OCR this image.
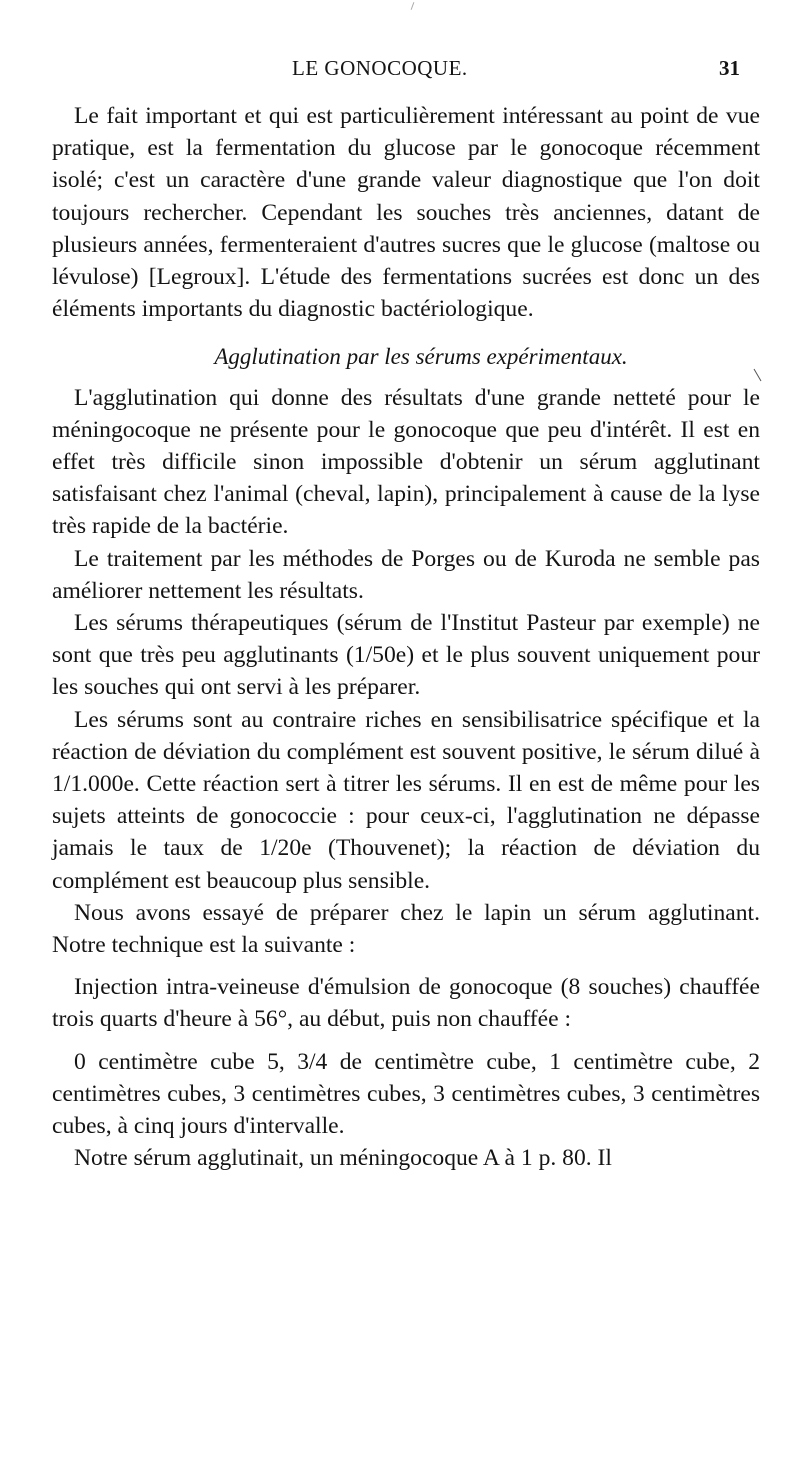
LE GONOCOQUE.	31

Le fait important et qui est particulièrement intéressant au point de vue pratique, est la fermentation du glucose par le gonocoque récemment isolé; c'est un caractère d'une grande valeur diagnostique que l'on doit toujours rechercher. Cependant les souches très anciennes, datant de plusieurs années, fermenteraient d'autres sucres que le glucose (maltose ou lévulose) [Legroux]. L'étude des fermentations sucrées est donc un des éléments importants du diagnostic bactériologique.

Agglutination par les sérums expérimentaux.

L'agglutination qui donne des résultats d'une grande netteté pour le méningocoque ne présente pour le gonocoque que peu d'intérêt. Il est en effet très difficile sinon impossible d'obtenir un sérum agglutinant satisfaisant chez l'animal (cheval, lapin), principalement à cause de la lyse très rapide de la bactérie.

Le traitement par les méthodes de Porges ou de Kuroda ne semble pas améliorer nettement les résultats.

Les sérums thérapeutiques (sérum de l'Institut Pasteur par exemple) ne sont que très peu agglutinants (1/50e) et le plus souvent uniquement pour les souches qui ont servi à les préparer.

Les sérums sont au contraire riches en sensibilisatrice spécifique et la réaction de déviation du complément est souvent positive, le sérum dilué à 1/1.000e. Cette réaction sert à titrer les sérums. Il en est de même pour les sujets atteints de gonococcie : pour ceux-ci, l'agglutination ne dépasse jamais le taux de 1/20e (Thouvenet); la réaction de déviation du complément est beaucoup plus sensible.

Nous avons essayé de préparer chez le lapin un sérum agglutinant. Notre technique est la suivante :

Injection intra-veineuse d'émulsion de gonocoque (8 souches) chauffée trois quarts d'heure à 56°, au début, puis non chauffée :

0 centimètre cube 5, 3/4 de centimètre cube, 1 centimètre cube, 2 centimètres cubes, 3 centimètres cubes, 3 centimètres cubes, 3 centimètres cubes, à cinq jours d'intervalle.

Notre sérum agglutinait, un méningocoque A à 1 p. 80. Il
